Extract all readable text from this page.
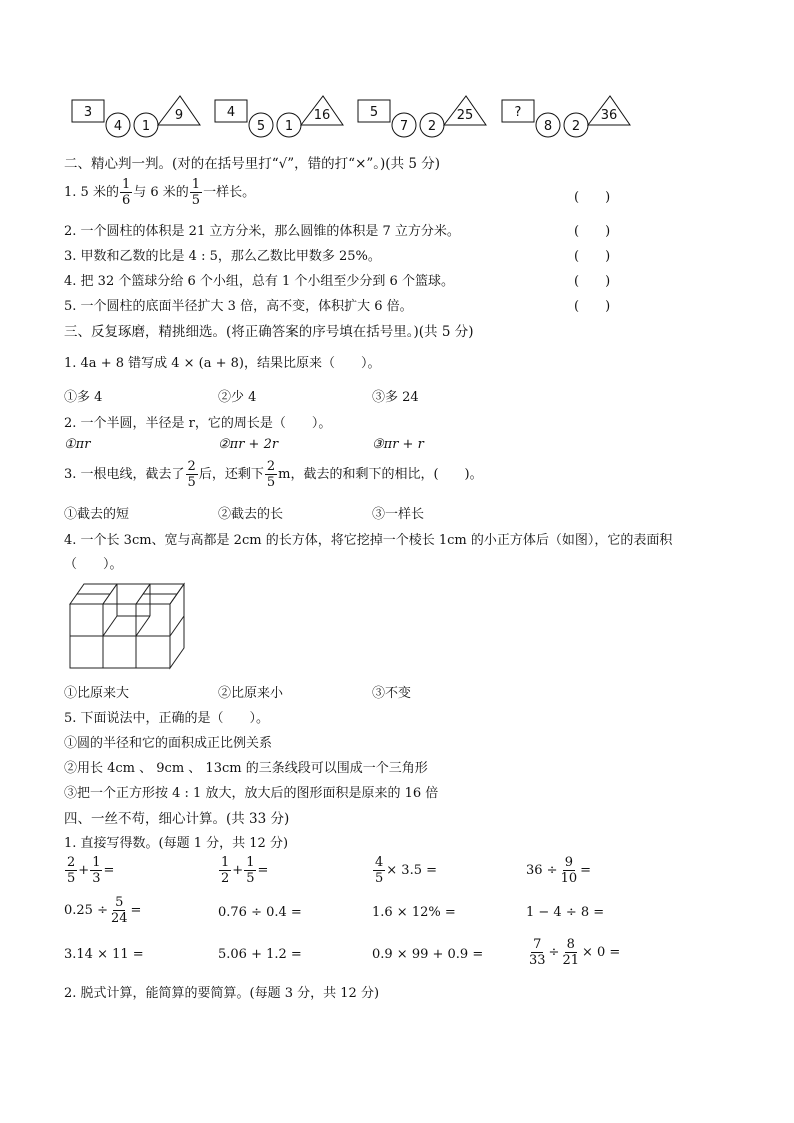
3
4 1
9	4
5 1
16	5
7 2
25	?
8 2
36
二、精心判一判。(对的在括号里打“√”，错的打“×”。)(共 5 分)
1. 5 米的 $\frac{1}{6}$ 与 6 米的 $\frac{1}{5}$ 一样长。	(　　)
2. 一个圆柱的体积是 21 立方分米，那么圆锥的体积是 7 立方分米。	(　　)
3. 甲数和乙数的比是 4 : 5，那么乙数比甲数多 25%。	(　　)
4. 把 32 个篮球分给 6 个小组，总有 1 个小组至少分到 6 个篮球。	(　　)
5. 一个圆柱的底面半径扩大 3 倍，高不变，体积扩大 6 倍。	(　　)
三、反复琢磨，精挑细选。(将正确答案的序号填在括号里。)(共 5 分)
1. 4a + 8 错写成 4 × (a + 8)，结果比原来（　　）。
①多 4	②少 4	③多 24
2. 一个半圆，半径是 r，它的周长是（　　）。
①πr	②πr + 2r	③πr + r
3. 一根电线，截去了 $\frac{2}{5}$ 后，还剩下 $\frac{2}{5}$ m，截去的和剩下的相比，(　　)。
①截去的短	②截去的长	③一样长
4. 一个长 3cm、宽与高都是 2cm 的长方体，将它挖掉一个棱长 1cm 的小正方体后（如图），它的表面积
（　　）。
①比原来大	②比原来小	③不变
5. 下面说法中，正确的是（　　）。
①圆的半径和它的面积成正比例关系
②用长 4cm 、 9cm 、 13cm 的三条线段可以围成一个三角形
③把一个正方形按 4 : 1 放大，放大后的图形面积是原来的 16 倍
四、一丝不苟，细心计算。(共 33 分)
1. 直接写得数。(每题 1 分，共 12 分)
$\frac{2}{5} + \frac{1}{3}$ =	$\frac{1}{2} + \frac{1}{5}$ =	$\frac{4}{5} \times 3.5$ =	$36 \div \frac{9}{10}$ =
$0.25 \div \frac{5}{24}$ =	0.76 ÷ 0.4 =	1.6 × 12% =	1 − 4 ÷ 8 =
3.14 × 11 =	5.06 + 1.2 =	0.9 × 99 + 0.9 =	$\frac{7}{33} \div \frac{8}{21} \times 0$ =
2. 脱式计算，能简算的要简算。(每题 3 分，共 12 分)
